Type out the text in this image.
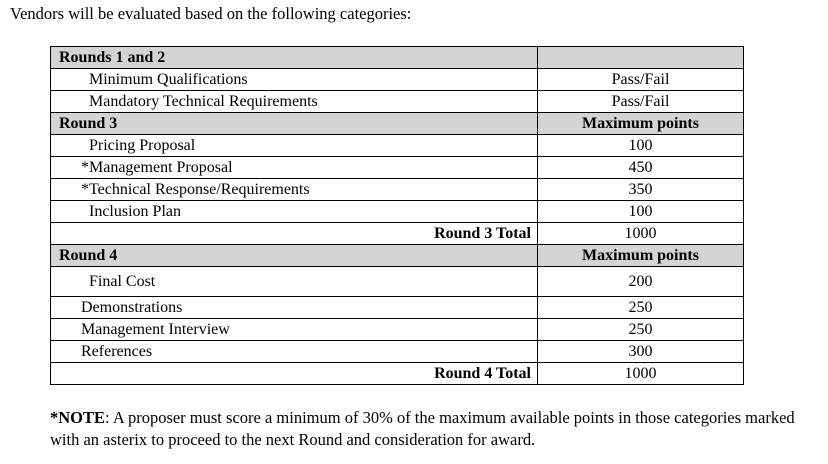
Vendors will be evaluated based on the following categories:
Rounds 1 and 2	
Minimum Qualifications	Pass/Fail
Mandatory Technical Requirements	Pass/Fail
Round 3	Maximum points
Pricing Proposal	100
*Management Proposal	450
*Technical Response/Requirements	350
Inclusion Plan	100
Round 3 Total	1000
Round 4	Maximum points
Final Cost	200
Demonstrations	250
Management Interview	250
References	300
Round 4 Total	1000
*NOTE: A proposer must score a minimum of 30% of the maximum available points in those categories marked with an asterix to proceed to the next Round and consideration for award.
